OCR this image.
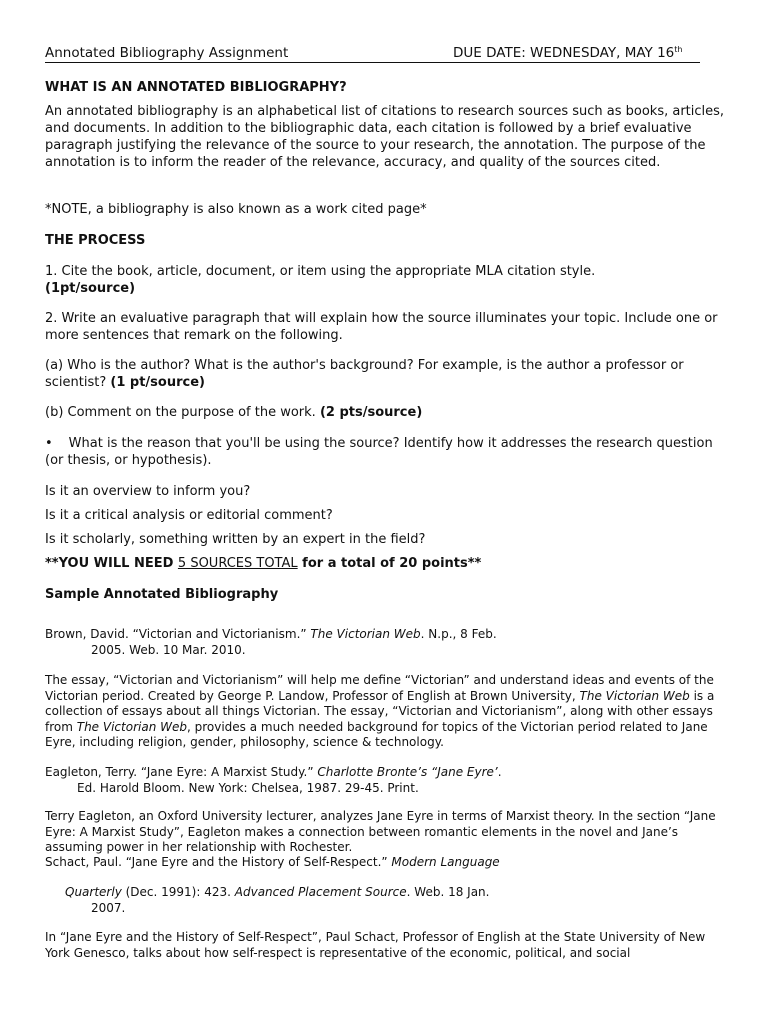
Annotated Bibliography Assignment	DUE DATE: WEDNESDAY, MAY 16th

WHAT IS AN ANNOTATED BIBLIOGRAPHY?

An annotated bibliography is an alphabetical list of citations to research sources such as books, articles, and documents. In addition to the bibliographic data, each citation is followed by a brief evaluative paragraph justifying the relevance of the source to your research, the annotation. The purpose of the annotation is to inform the reader of the relevance, accuracy, and quality of the sources cited.

*NOTE, a bibliography is also known as a work cited page*

THE PROCESS

1. Cite the book, article, document, or item using the appropriate MLA citation style.
(1pt/source)

2. Write an evaluative paragraph that will explain how the source illuminates your topic. Include one or more sentences that remark on the following.

(a) Who is the author? What is the author's background? For example, is the author a professor or scientist? (1 pt/source)

(b) Comment on the purpose of the work. (2 pts/source)

• What is the reason that you'll be using the source? Identify how it addresses the research question (or thesis, or hypothesis).

Is it an overview to inform you?

Is it a critical analysis or editorial comment?

Is it scholarly, something written by an expert in the field?

**YOU WILL NEED 5 SOURCES TOTAL for a total of 20 points**

Sample Annotated Bibliography

Brown, David. “Victorian and Victorianism.” The Victorian Web. N.p., 8 Feb.
2005. Web. 10 Mar. 2010.

The essay, “Victorian and Victorianism” will help me define “Victorian” and understand ideas and events of the Victorian period. Created by George P. Landow, Professor of English at Brown University, The Victorian Web is a collection of essays about all things Victorian. The essay, “Victorian and Victorianism”, along with other essays from The Victorian Web, provides a much needed background for topics of the Victorian period related to Jane Eyre, including religion, gender, philosophy, science & technology.

Eagleton, Terry. “Jane Eyre: A Marxist Study.” Charlotte Bronte’s “Jane Eyre’.
Ed. Harold Bloom. New York: Chelsea, 1987. 29-45. Print.

Terry Eagleton, an Oxford University lecturer, analyzes Jane Eyre in terms of Marxist theory. In the section “Jane Eyre: A Marxist Study”, Eagleton makes a connection between romantic elements in the novel and Jane’s assuming power in her relationship with Rochester.

Schact, Paul. “Jane Eyre and the History of Self-Respect.” Modern Language

Quarterly (Dec. 1991): 423. Advanced Placement Source. Web. 18 Jan.
2007.

In “Jane Eyre and the History of Self-Respect”, Paul Schact, Professor of English at the State University of New York Genesco, talks about how self-respect is representative of the economic, political, and social
